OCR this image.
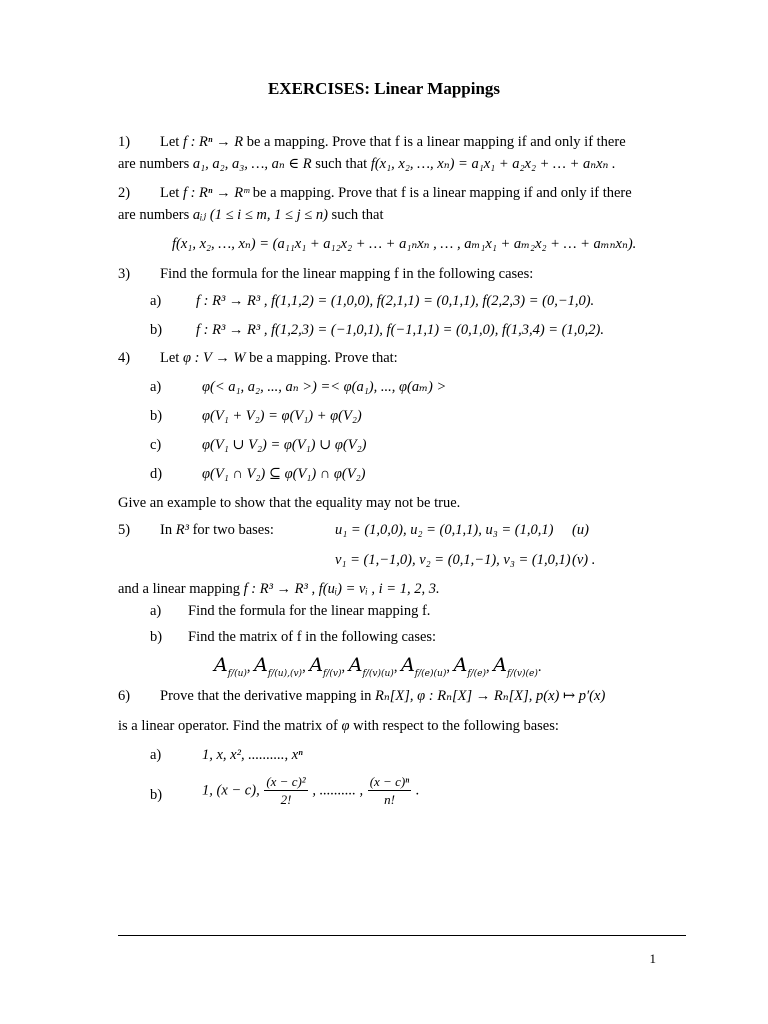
EXERCISES: Linear Mappings
1) Let f : Rⁿ → R be a mapping. Prove that f is a linear mapping if and only if there
are numbers a₁, a₂, a₃, …, aₙ ∈ R such that f(x₁, x₂, …, xₙ) = a₁x₁ + a₂x₂ + … + aₙxₙ .
2) Let f : Rⁿ → Rᵐ be a mapping. Prove that f is a linear mapping if and only if there
are numbers aᵢⱼ (1 ≤ i ≤ m, 1 ≤ j ≤ n) such that
f(x₁, x₂, …, xₙ) = (a₁₁x₁ + a₁₂x₂ + … + a₁ₙxₙ , … , aₘ₁x₁ + aₘ₂x₂ + … + aₘₙxₙ).
3) Find the formula for the linear mapping f in the following cases:
a) f : R³ → R³ , f(1,1,2) = (1,0,0), f(2,1,1) = (0,1,1), f(2,2,3) = (0,−1,0).
b) f : R³ → R³ , f(1,2,3) = (−1,0,1), f(−1,1,1) = (0,1,0), f(1,3,4) = (1,0,2).
4) Let φ : V → W be a mapping. Prove that:
a)	φ(< a₁, a₂, ..., aₙ >) =< φ(a₁), ..., φ(aₘ) >
b)	φ(V₁ + V₂) = φ(V₁) + φ(V₂)
c)	φ(V₁ ∪ V₂) = φ(V₁) ∪ φ(V₂)
d)	φ(V₁ ∩ V₂) ⊆ φ(V₁) ∩ φ(V₂)
Give an example to show that the equality may not be true.
5) In R³ for two bases:	u₁ = (1,0,0), u₂ = (0,1,1), u₃ = (1,0,1) (u)
v₁ = (1,−1,0), v₂ = (0,1,−1), v₃ = (1,0,1) (v) .
and a linear mapping f : R³ → R³ , f(uᵢ) = vᵢ , i = 1, 2, 3.
a) Find the formula for the linear mapping f.
b) Find the matrix of f in the following cases:
$A_{f/(u)}$, $A_{f/(u),(v)}$, $A_{f/(v)}$, $A_{f/(v)(u)}$, $A_{f/(e)(u)}$, $A_{f/(e)}$, $A_{f/(v)(e)}$.
6) Prove that the derivative mapping in Rₙ[X], φ : Rₙ[X] → Rₙ[X], p(x) ↦ p′(x)
is a linear operator. Find the matrix of φ with respect to the following bases:
a)	1, x, x², .........., xⁿ
b)	1, (x − c), $\frac{\text{(x − c)²}}{2!}$ , .......... , $\frac{\text{(x − c)ⁿ}}{n!}$ .
1
